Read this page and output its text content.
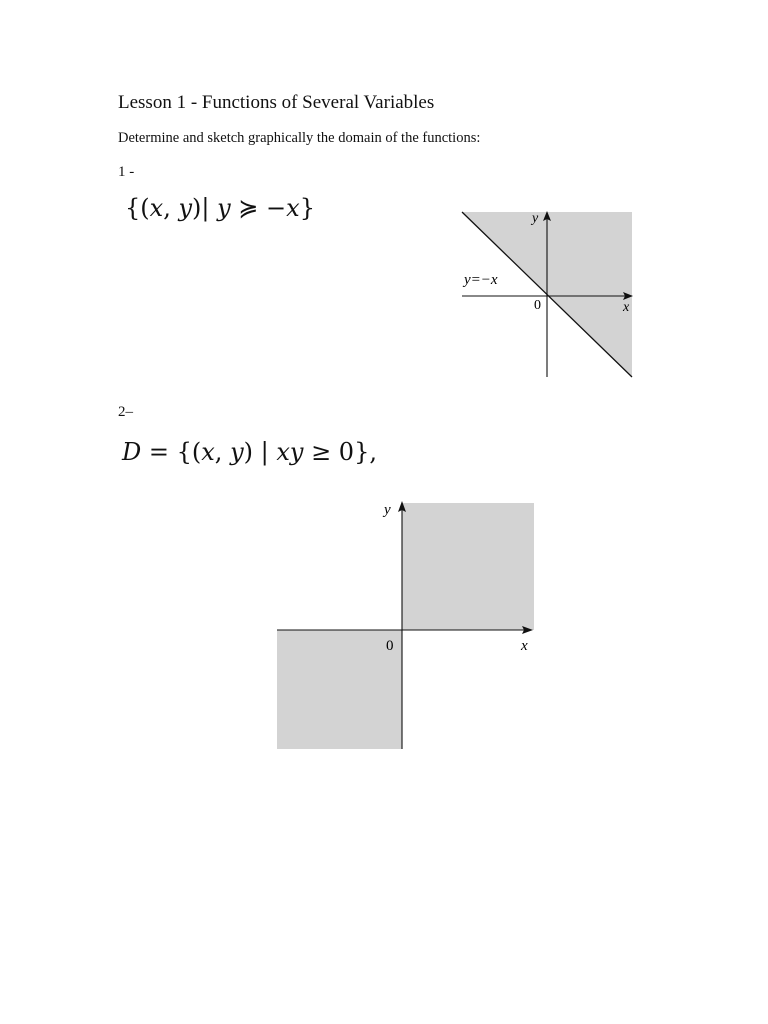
Lesson 1 - Functions of Several Variables
Determine and sketch graphically the domain of the functions:
1 -
{(x, y)| y ≽ −x}	y
x
0
y=−x
2–
D = {(x, y) | xy ≥ 0},
y
x
0
